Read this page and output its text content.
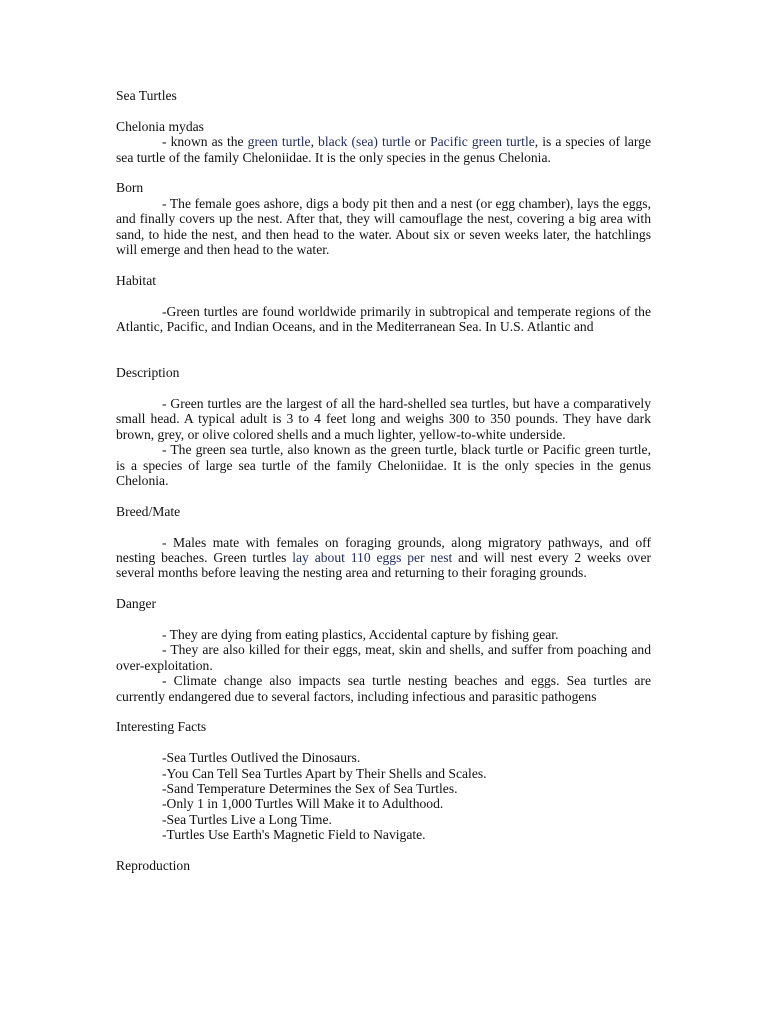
Sea Turtles

Chelonia mydas

- known as the green turtle, black (sea) turtle or Pacific green turtle, is a species of large sea turtle of the family Cheloniidae. It is the only species in the genus Chelonia.

Born

- The female goes ashore, digs a body pit then and a nest (or egg chamber), lays the eggs, and finally covers up the nest. After that, they will camouflage the nest, covering a big area with sand, to hide the nest, and then head to the water. About six or seven weeks later, the hatchlings will emerge and then head to the water.

Habitat

-Green turtles are found worldwide primarily in subtropical and temperate regions of the Atlantic, Pacific, and Indian Oceans, and in the Mediterranean Sea. In U.S. Atlantic and

Description

- Green turtles are the largest of all the hard-shelled sea turtles, but have a comparatively small head. A typical adult is 3 to 4 feet long and weighs 300 to 350 pounds. They have dark brown, grey, or olive colored shells and a much lighter, yellow-to-white underside.

- The green sea turtle, also known as the green turtle, black turtle or Pacific green turtle, is a species of large sea turtle of the family Cheloniidae. It is the only species in the genus Chelonia.

Breed/Mate

- Males mate with females on foraging grounds, along migratory pathways, and off nesting beaches. Green turtles lay about 110 eggs per nest and will nest every 2 weeks over several months before leaving the nesting area and returning to their foraging grounds.

Danger

- They are dying from eating plastics, Accidental capture by fishing gear.

- They are also killed for their eggs, meat, skin and shells, and suffer from poaching and over-exploitation.

- Climate change also impacts sea turtle nesting beaches and eggs. Sea turtles are currently endangered due to several factors, including infectious and parasitic pathogens

Interesting Facts

-Sea Turtles Outlived the Dinosaurs.

-You Can Tell Sea Turtles Apart by Their Shells and Scales.

-Sand Temperature Determines the Sex of Sea Turtles.

-Only 1 in 1,000 Turtles Will Make it to Adulthood.

-Sea Turtles Live a Long Time.

-Turtles Use Earth's Magnetic Field to Navigate.

Reproduction
